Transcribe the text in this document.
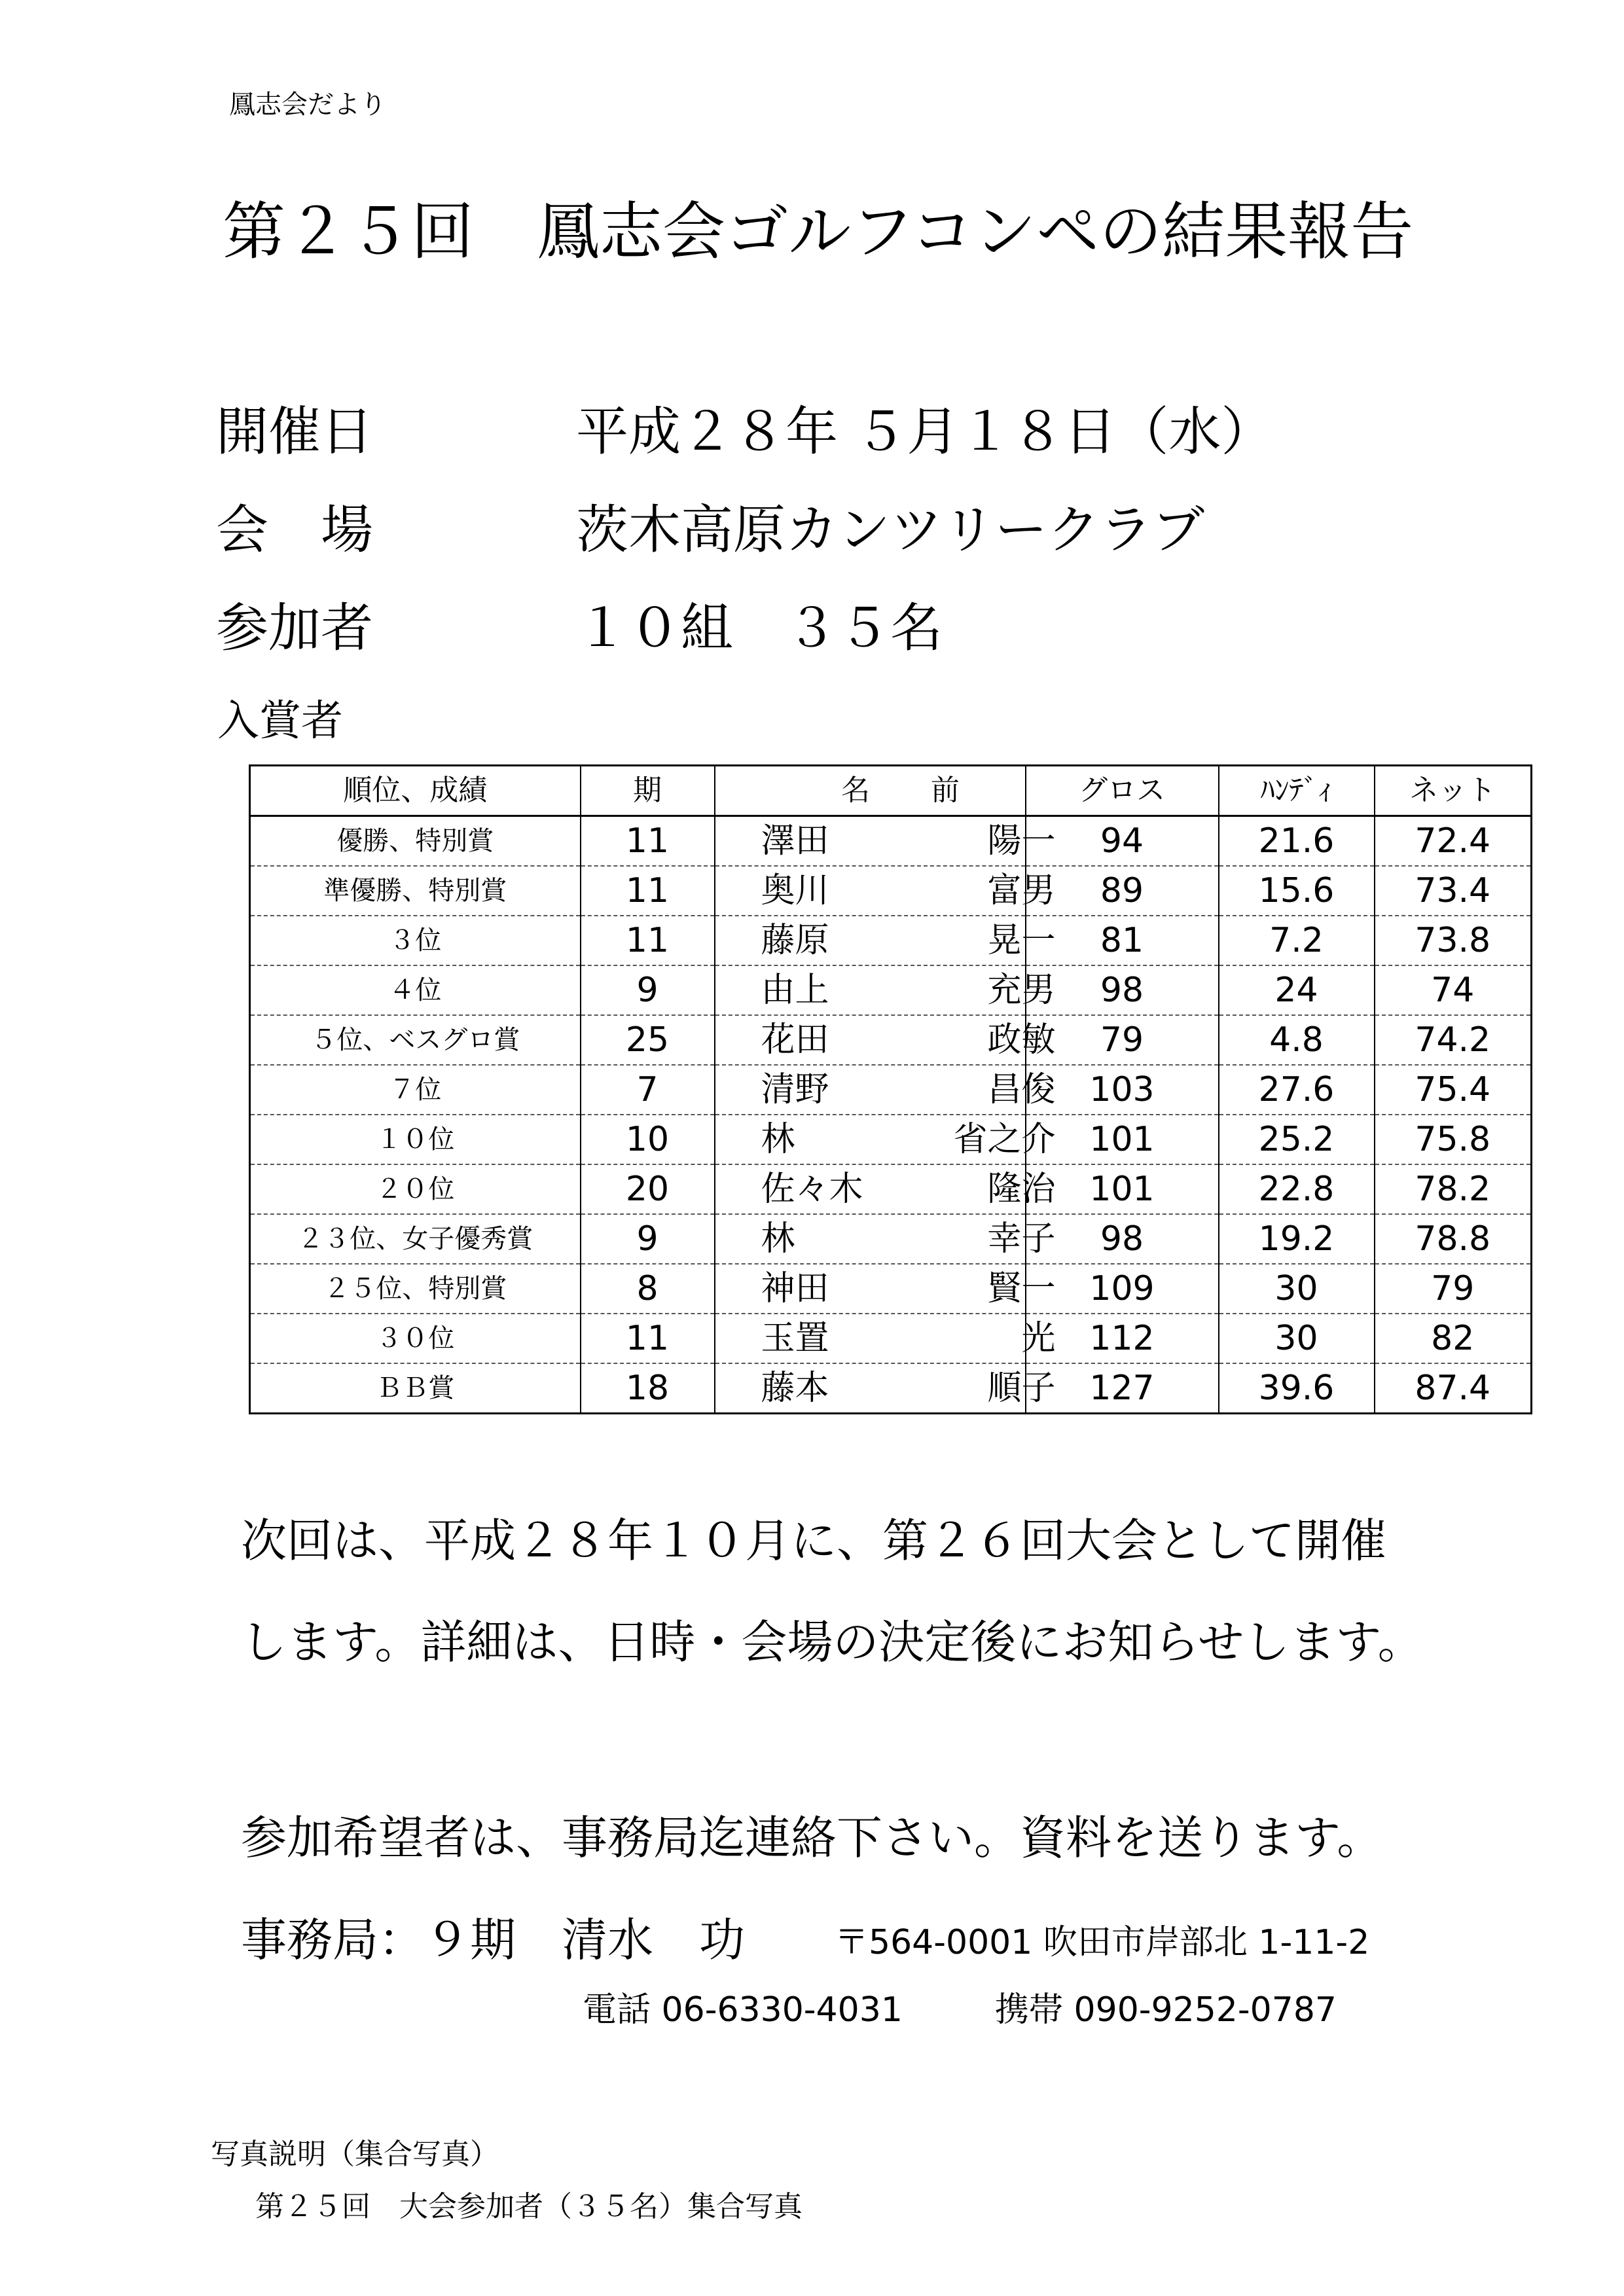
鳳志会だより
第２５回　鳳志会ゴルフコンペの結果報告
開催日	平成２８年 ５月１８日（水）
会　場	茨木高原カンツリークラブ
参加者	１０組　３５名
入賞者
順位、成績	期	名 前	グロス	ﾊﾝﾃﾞｨ	ネット
優勝、特別賞	11	澤田 陽一	94	21.6	72.4
準優勝、特別賞	11	奥川 富男	89	15.6	73.4
３位	11	藤原 晃一	81	7.2	73.8
４位	9	由上 充男	98	24	74
５位、ベスグロ賞	25	花田 政敏	79	4.8	74.2
７位	7	清野 昌俊	103	27.6	75.4
１０位	10	林 省之介	101	25.2	75.8
２０位	20	佐々木 隆治	101	22.8	78.2
２３位、女子優秀賞	9	林 幸子	98	19.2	78.8
２５位、特別賞	8	神田 賢一	109	30	79
３０位	11	玉置 光	112	30	82
ＢＢ賞	18	藤本 順子	127	39.6	87.4
次回は、平成２８年１０月に、第２６回大会として開催
します。詳細は、日時・会場の決定後にお知らせします。
参加希望者は、事務局迄連絡下さい。資料を送ります。
事務局：９期　清水　功	〒564-0001 吹田市岸部北 1-11-2
電話 06-6330-4031	携帯 090-9252-0787
写真説明（集合写真）
第２５回　大会参加者（３５名）集合写真
